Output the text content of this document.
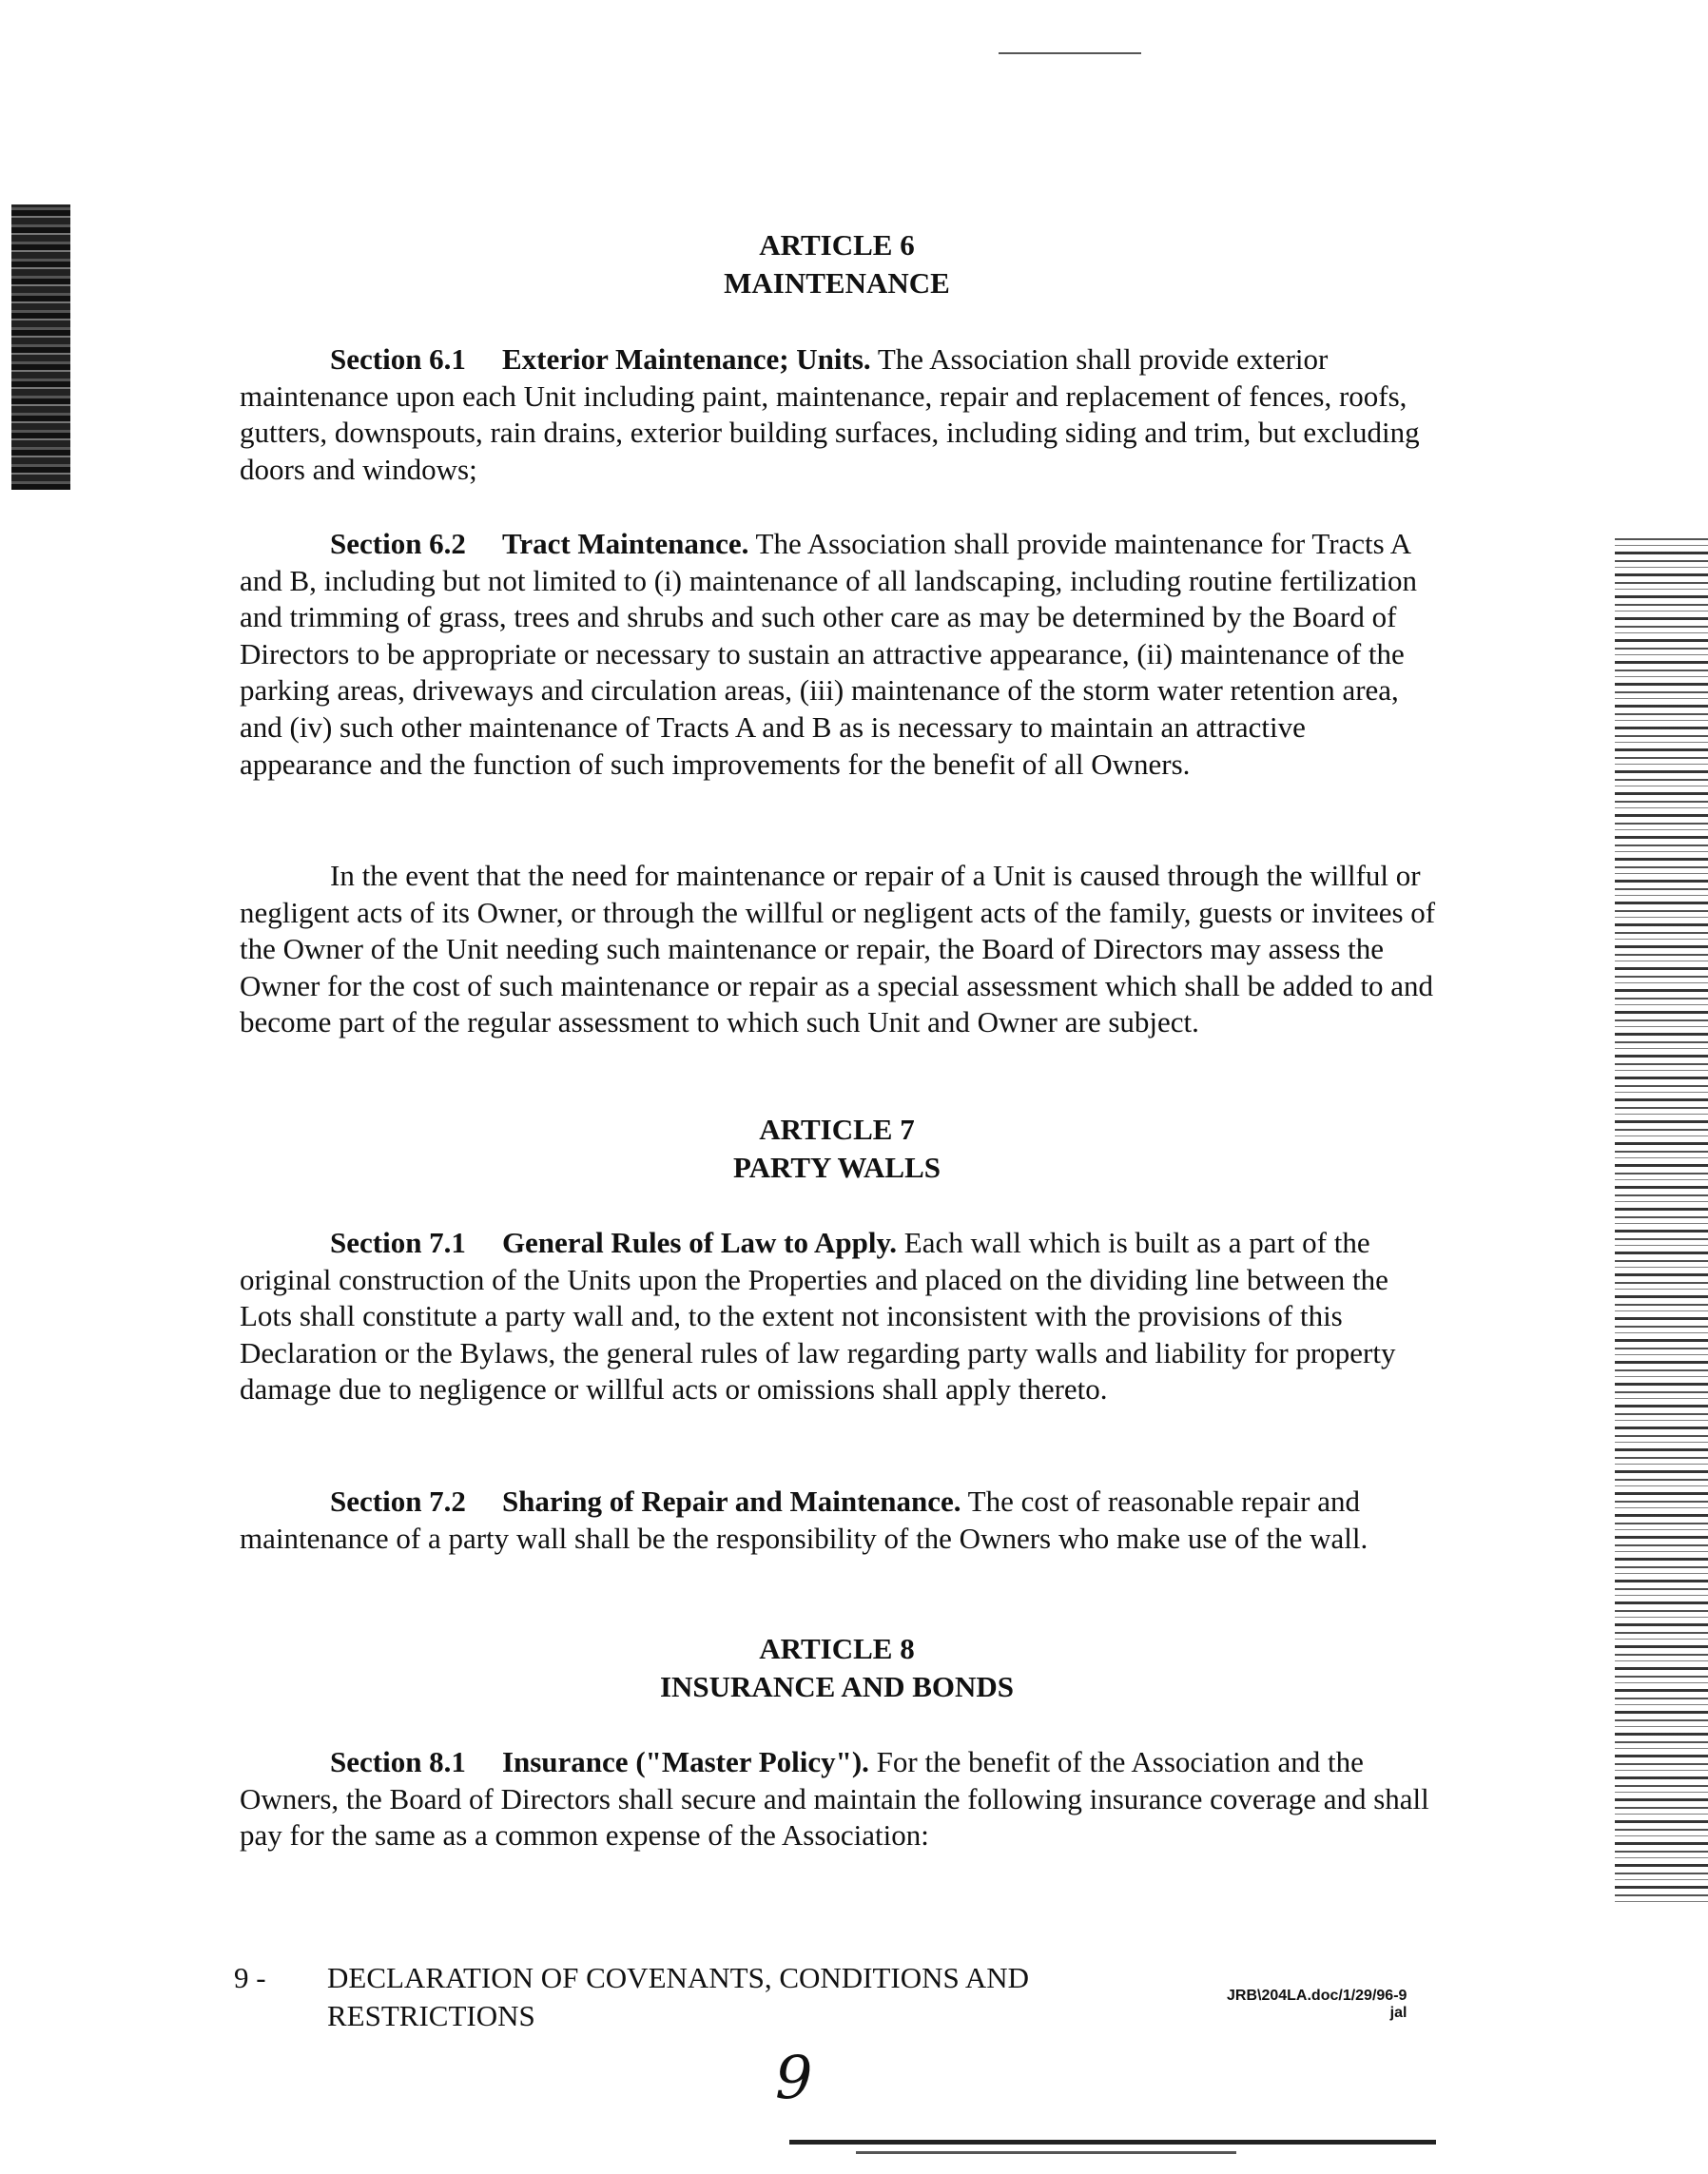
ARTICLE 6
MAINTENANCE

Section 6.1 Exterior Maintenance; Units. The Association shall provide exterior maintenance upon each Unit including paint, maintenance, repair and replacement of fences, roofs, gutters, downspouts, rain drains, exterior building surfaces, including siding and trim, but excluding doors and windows;

Section 6.2 Tract Maintenance. The Association shall provide maintenance for Tracts A and B, including but not limited to (i) maintenance of all landscaping, including routine fertilization and trimming of grass, trees and shrubs and such other care as may be determined by the Board of Directors to be appropriate or necessary to sustain an attractive appearance, (ii) maintenance of the parking areas, driveways and circulation areas, (iii) maintenance of the storm water retention area, and (iv) such other maintenance of Tracts A and B as is necessary to maintain an attractive appearance and the function of such improvements for the benefit of all Owners.

In the event that the need for maintenance or repair of a Unit is caused through the willful or negligent acts of its Owner, or through the willful or negligent acts of the family, guests or invitees of the Owner of the Unit needing such maintenance or repair, the Board of Directors may assess the Owner for the cost of such maintenance or repair as a special assessment which shall be added to and become part of the regular assessment to which such Unit and Owner are subject.

ARTICLE 7
PARTY WALLS

Section 7.1 General Rules of Law to Apply. Each wall which is built as a part of the original construction of the Units upon the Properties and placed on the dividing line between the Lots shall constitute a party wall and, to the extent not inconsistent with the provisions of this Declaration or the Bylaws, the general rules of law regarding party walls and liability for property damage due to negligence or willful acts or omissions shall apply thereto.

Section 7.2 Sharing of Repair and Maintenance. The cost of reasonable repair and maintenance of a party wall shall be the responsibility of the Owners who make use of the wall.

ARTICLE 8
INSURANCE AND BONDS

Section 8.1 Insurance ("Master Policy"). For the benefit of the Association and the Owners, the Board of Directors shall secure and maintain the following insurance coverage and shall pay for the same as a common expense of the Association:

9 - DECLARATION OF COVENANTS, CONDITIONS AND
RESTRICTIONS
JRB\204LA.doc/1/29/96-9
jal
9
